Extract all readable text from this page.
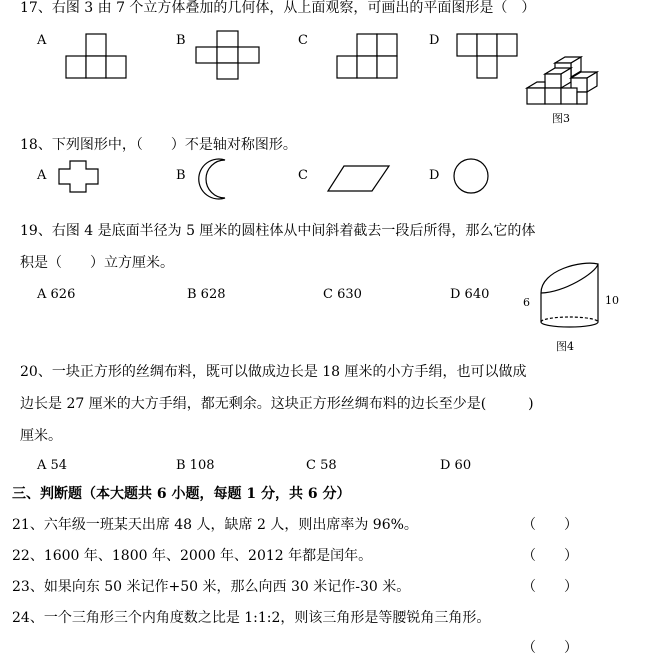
17、右图 3 由 7 个立方体叠加的几何体，从上面观察，可画出的平面图形是（　）
A	B	C	D
图3
18、下列图形中，（　　）不是轴对称图形。
A	B	C	D
19、右图 4 是底面半径为 5 厘米的圆柱体从中间斜着截去一段后所得，那么它的体
积是（　　）立方厘米。
A 626	B 628	C 630	D 640
6	10
图4
20、一块正方形的丝绸布料，既可以做成边长是 18 厘米的小方手绢，也可以做成
边长是 27 厘米的大方手绢，都无剩余。这块正方形丝绸布料的边长至少是(　　　)
厘米。
A 54	B 108	C 58	D 60
三、判断题（本大题共 6 小题，每题 1 分，共 6 分）
21、六年级一班某天出席 48 人，缺席 2 人，则出席率为 96%。	（　　）
22、1600 年、1800 年、2000 年、2012 年都是闰年。	（　　）
23、如果向东 50 米记作+50 米，那么向西 30 米记作-30 米。	（　　）
24、一个三角形三个内角度数之比是 1:1:2，则该三角形是等腰锐角三角形。
（　　）
